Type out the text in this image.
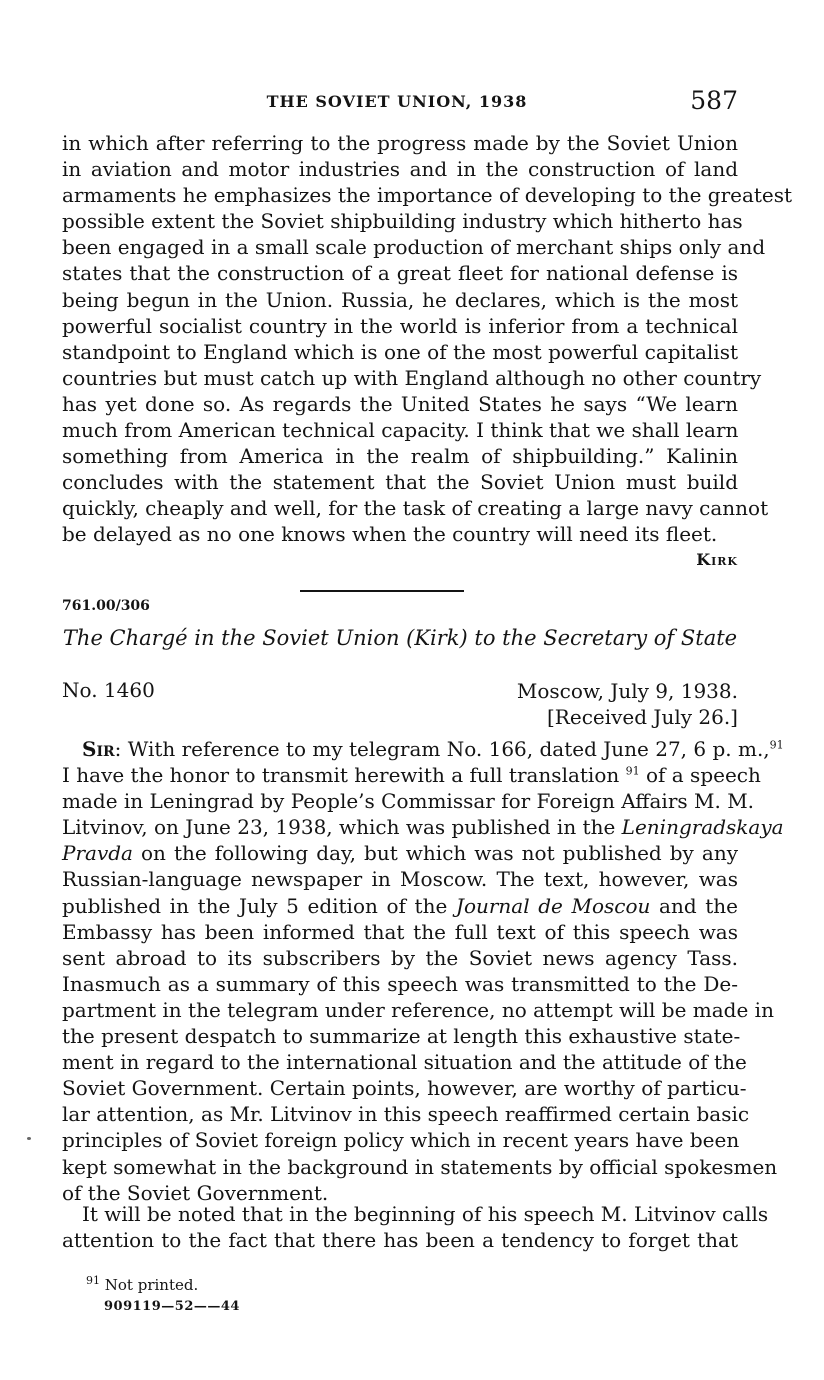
THE SOVIET UNION, 1938	587
in which after referring to the progress made by the Soviet Union
in aviation and motor industries and in the construction of land
armaments he emphasizes the importance of developing to the greatest
possible extent the Soviet shipbuilding industry which hitherto has
been engaged in a small scale production of merchant ships only and
states that the construction of a great fleet for national defense is
being begun in the Union. Russia, he declares, which is the most
powerful socialist country in the world is inferior from a technical
standpoint to England which is one of the most powerful capitalist
countries but must catch up with England although no other country
has yet done so. As regards the United States he says “We learn
much from American technical capacity. I think that we shall learn
something from America in the realm of shipbuilding.” Kalinin
concludes with the statement that the Soviet Union must build
quickly, cheaply and well, for the task of creating a large navy cannot
be delayed as no one knows when the country will need its fleet.
Kirk
761.00/306
The Chargé in the Soviet Union (Kirk) to the Secretary of State
No. 1460	Moscow, July 9, 1938.
[Received July 26.]
Sir: With reference to my telegram No. 166, dated June 27, 6 p. m.,$^{91}$
I have the honor to transmit herewith a full translation $^{91}$ of a speech
made in Leningrad by People’s Commissar for Foreign Affairs M. M.
Litvinov, on June 23, 1938, which was published in the Leningradskaya
Pravda on the following day, but which was not published by any
Russian-language newspaper in Moscow. The text, however, was
published in the July 5 edition of the Journal de Moscou and the
Embassy has been informed that the full text of this speech was
sent abroad to its subscribers by the Soviet news agency Tass.
Inasmuch as a summary of this speech was transmitted to the De-
partment in the telegram under reference, no attempt will be made in
the present despatch to summarize at length this exhaustive state-
ment in regard to the international situation and the attitude of the
Soviet Government. Certain points, however, are worthy of particu-
lar attention, as Mr. Litvinov in this speech reaffirmed certain basic
principles of Soviet foreign policy which in recent years have been
kept somewhat in the background in statements by official spokesmen
of the Soviet Government.
It will be noted that in the beginning of his speech M. Litvinov calls
attention to the fact that there has been a tendency to forget that
$^{91}$ Not printed.
909119—52——44
